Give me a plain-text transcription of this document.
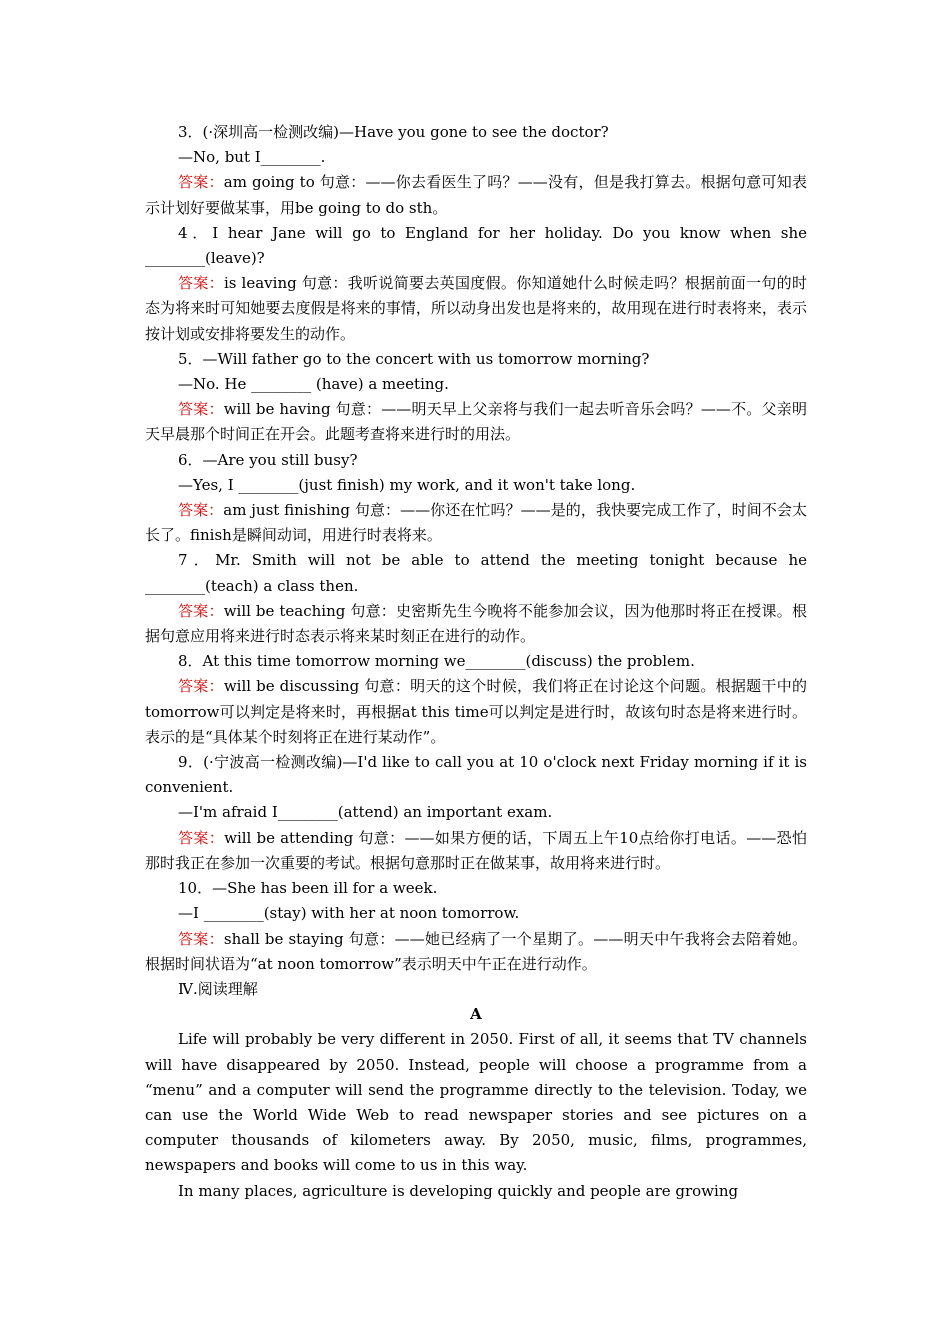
3．(·深圳高一检测改编)—Have you gone to see the doctor?

—No, but I________.

答案：am going to 句意：——你去看医生了吗？——没有，但是我打算去。根据句意可知表示计划好要做某事，用be going to do sth。

4．I hear Jane will go to England for her holiday. Do you know when she ________(leave)?

答案：is leaving 句意：我听说简要去英国度假。你知道她什么时候走吗？根据前面一句的时态为将来时可知她要去度假是将来的事情，所以动身出发也是将来的，故用现在进行时表将来，表示按计划或安排将要发生的动作。

5．—Will father go to the concert with us tomorrow morning?

—No. He ________ (have) a meeting.

答案：will be having 句意：——明天早上父亲将与我们一起去听音乐会吗？——不。父亲明天早晨那个时间正在开会。此题考查将来进行时的用法。

6．—Are you still busy?

—Yes, I ________(just finish) my work, and it won't take long.

答案：am just finishing 句意：——你还在忙吗？——是的，我快要完成工作了，时间不会太长了。finish是瞬间动词，用进行时表将来。

7．Mr. Smith will not be able to attend the meeting tonight because he ________(teach) a class then.

答案：will be teaching 句意：史密斯先生今晚将不能参加会议，因为他那时将正在授课。根据句意应用将来进行时态表示将来某时刻正在进行的动作。

8．At this time tomorrow morning we________(discuss) the problem.

答案：will be discussing 句意：明天的这个时候，我们将正在讨论这个问题。根据题干中的tomorrow可以判定是将来时，再根据at this time可以判定是进行时，故该句时态是将来进行时。表示的是“具体某个时刻将正在进行某动作”。

9．(·宁波高一检测改编)—I'd like to call you at 10 o'clock next Friday morning if it is convenient.

—I'm afraid I________(attend) an important exam.

答案：will be attending 句意：——如果方便的话，下周五上午10点给你打电话。——恐怕那时我正在参加一次重要的考试。根据句意那时正在做某事，故用将来进行时。

10．—She has been ill for a week.

—I ________(stay) with her at noon tomorrow.

答案：shall be staying 句意：——她已经病了一个星期了。——明天中午我将会去陪着她。根据时间状语为“at noon tomorrow”表示明天中午正在进行动作。

Ⅳ.阅读理解

A

Life will probably be very different in 2050. First of all, it seems that TV channels will have disappeared by 2050. Instead, people will choose a programme from a “menu” and a computer will send the programme directly to the television. Today, we can use the World Wide Web to read newspaper stories and see pictures on a computer thousands of kilometers away. By 2050, music, films, programmes, newspapers and books will come to us in this way.

In many places, agriculture is developing quickly and people are growing
